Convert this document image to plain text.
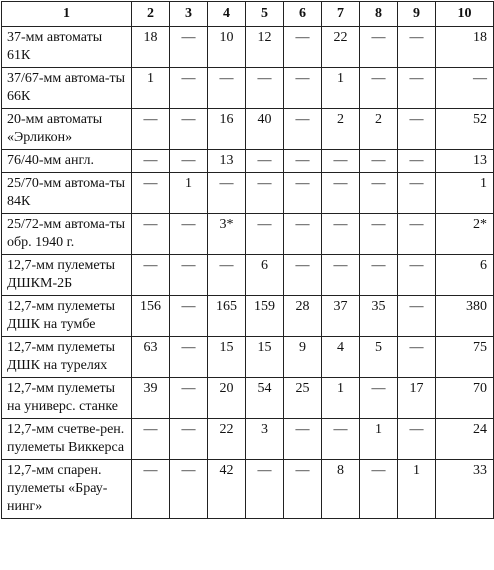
1	2	3	4	5	6	7	8	9	10
37-мм автоматы 61К	18	—	10	12	—	22	—	—	18
37/67-мм автома-ты 66К	1	—	—	—	—	1	—	—	—
20-мм автоматы «Эрликон»	—	—	16	40	—	2	2	—	52
76/40-мм англ.	—	—	13	—	—	—	—	—	13
25/70-мм автома-ты 84К	—	1	—	—	—	—	—	—	1
25/72-мм автома-ты обр. 1940 г.	—	—	3*	—	—	—	—	—	2*
12,7-мм пулеметы ДШКМ-2Б	—	—	—	6	—	—	—	—	6
12,7-мм пулеметы ДШК на тумбе	156	—	165	159	28	37	35	—	380
12,7-мм пулеметы ДШК на турелях	63	—	15	15	9	4	5	—	75
12,7-мм пулеметы на универс. станке	39	—	20	54	25	1	—	17	70
12,7-мм счетве-рен. пулеметы Виккерса	—	—	22	3	—	—	1	—	24
12,7-мм спарен. пулеметы «Брау-нинг»	—	—	42	—	—	8	—	1	33
